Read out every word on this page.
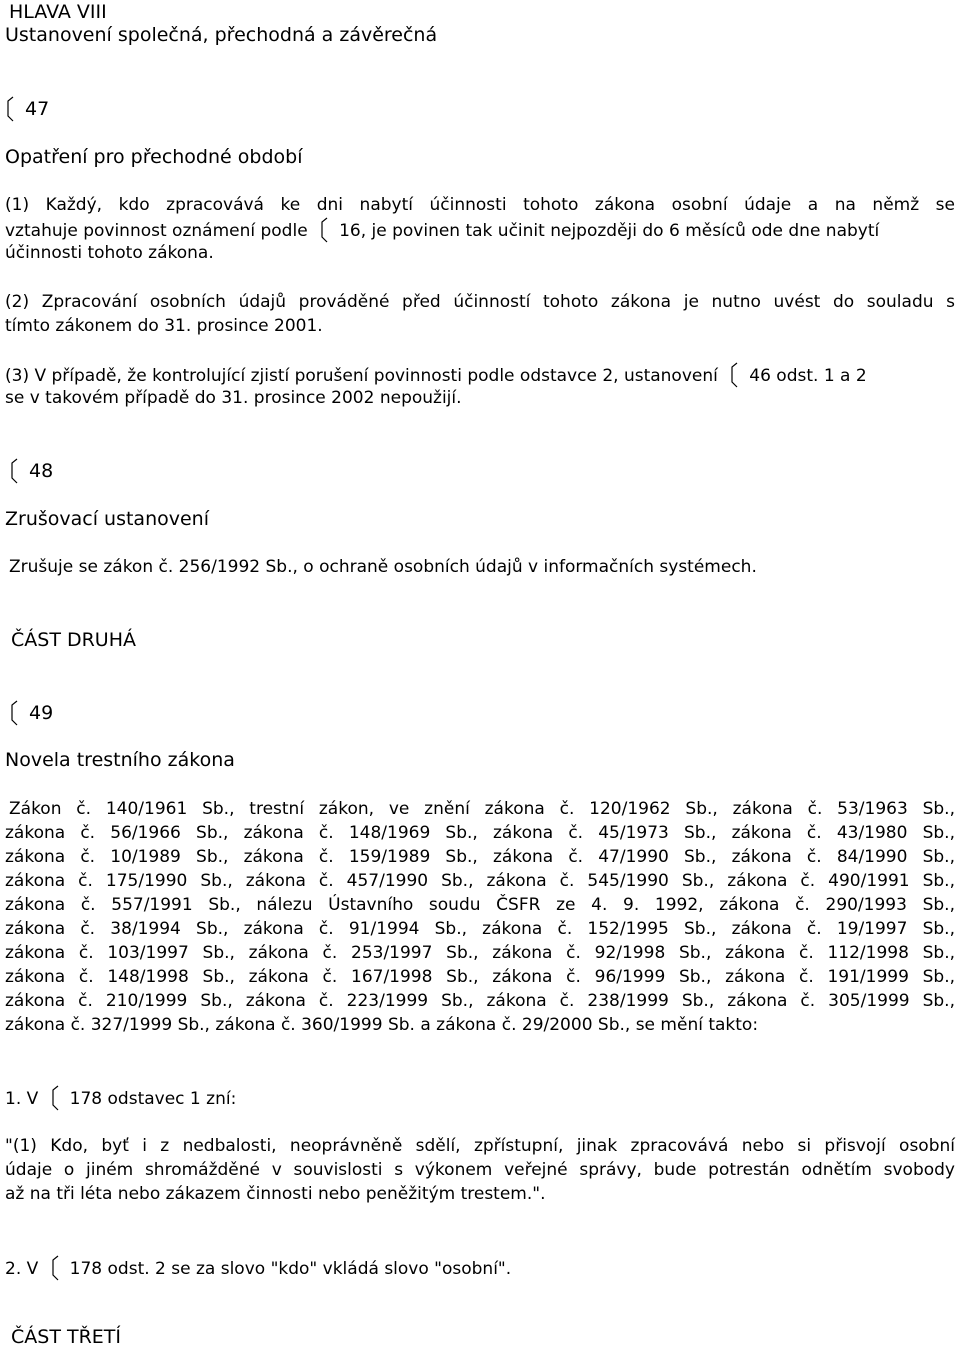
HLAVA VIII
Ustanovení společná, přechodná a závěrečná
47
Opatření pro přechodné období
(1) Každý, kdo zpracovává ke dni nabytí účinnosti tohoto zákona osobní údaje a na němž se
vztahuje povinnost oznámení podle 16, je povinen tak učinit nejpozději do 6 měsíců ode dne nabytí
účinnosti tohoto zákona.
(2) Zpracování osobních údajů prováděné před účinností tohoto zákona je nutno uvést do souladu s
tímto zákonem do 31. prosince 2001.
(3) V případě, že kontrolující zjistí porušení povinnosti podle odstavce 2, ustanovení 46 odst. 1 a 2
se v takovém případě do 31. prosince 2002 nepoužijí.
48
Zrušovací ustanovení
Zrušuje se zákon č. 256/1992 Sb., o ochraně osobních údajů v informačních systémech.
ČÁST DRUHÁ
49
Novela trestního zákona
Zákon č. 140/1961 Sb., trestní zákon, ve znění zákona č. 120/1962 Sb., zákona č. 53/1963 Sb.,
zákona č. 56/1966 Sb., zákona č. 148/1969 Sb., zákona č. 45/1973 Sb., zákona č. 43/1980 Sb.,
zákona č. 10/1989 Sb., zákona č. 159/1989 Sb., zákona č. 47/1990 Sb., zákona č. 84/1990 Sb.,
zákona č. 175/1990 Sb., zákona č. 457/1990 Sb., zákona č. 545/1990 Sb., zákona č. 490/1991 Sb.,
zákona č. 557/1991 Sb., nálezu Ústavního soudu ČSFR ze 4. 9. 1992, zákona č. 290/1993 Sb.,
zákona č. 38/1994 Sb., zákona č. 91/1994 Sb., zákona č. 152/1995 Sb., zákona č. 19/1997 Sb.,
zákona č. 103/1997 Sb., zákona č. 253/1997 Sb., zákona č. 92/1998 Sb., zákona č. 112/1998 Sb.,
zákona č. 148/1998 Sb., zákona č. 167/1998 Sb., zákona č. 96/1999 Sb., zákona č. 191/1999 Sb.,
zákona č. 210/1999 Sb., zákona č. 223/1999 Sb., zákona č. 238/1999 Sb., zákona č. 305/1999 Sb.,
zákona č. 327/1999 Sb., zákona č. 360/1999 Sb. a zákona č. 29/2000 Sb., se mění takto:
1. V 178 odstavec 1 zní:
"(1) Kdo, byť i z nedbalosti, neoprávněně sdělí, zpřístupní, jinak zpracovává nebo si přisvojí osobní
údaje o jiném shromážděné v souvislosti s výkonem veřejné správy, bude potrestán odnětím svobody
až na tři léta nebo zákazem činnosti nebo peněžitým trestem.".
2. V 178 odst. 2 se za slovo "kdo" vkládá slovo "osobní".
ČÁST TŘETÍ
